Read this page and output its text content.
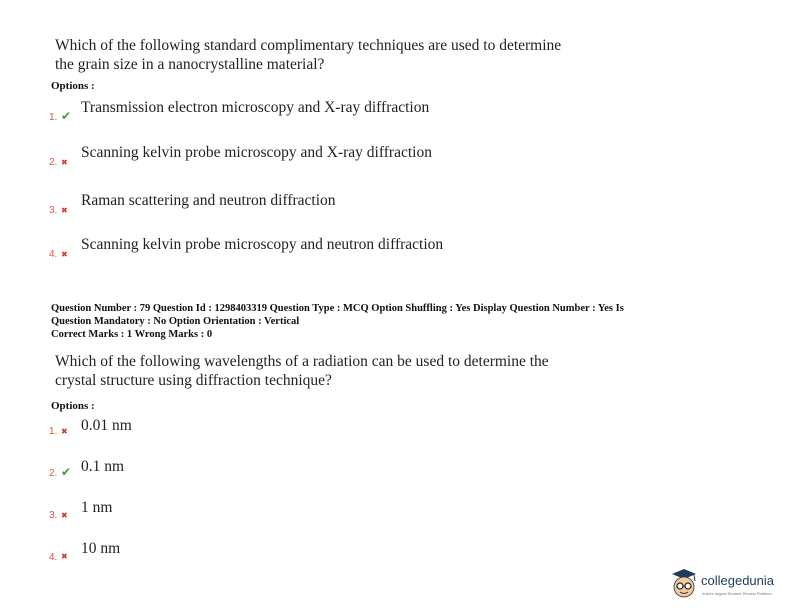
Which of the following standard complimentary techniques are used to determine
the grain size in a nanocrystalline material?
Options :
1. ✔ Transmission electron microscopy and X-ray diffraction
2. ✖
Scanning kelvin probe microscopy and X-ray diffraction
3. ✖
Raman scattering and neutron diffraction
4. ✖
Scanning kelvin probe microscopy and neutron diffraction
Question Number : 79 Question Id : 1298403319 Question Type : MCQ Option Shuffling : Yes Display Question Number : Yes Is
Question Mandatory : No Option Orientation : Vertical
Correct Marks : 1 Wrong Marks : 0
Which of the following wavelengths of a radiation can be used to determine the
crystal structure using diffraction technique?
Options :
1. ✖ 0.01 nm
2. ✔ 0.1 nm
3. ✖ 1 nm
4. ✖ 10 nm
collegedunia
India's largest Student Review Platform
